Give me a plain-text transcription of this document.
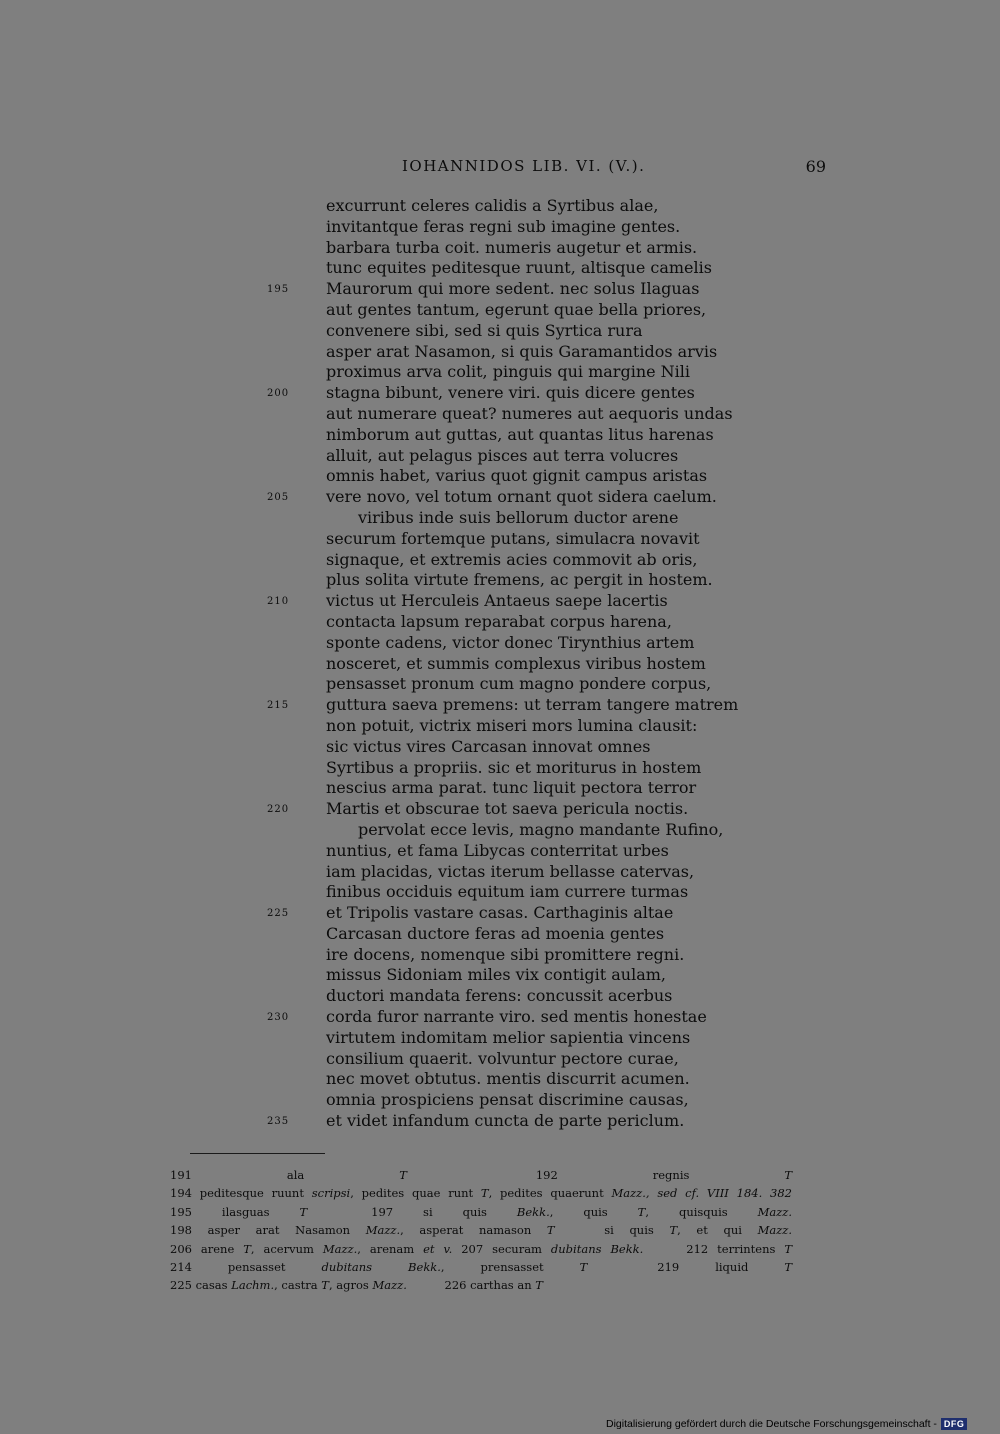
IOHANNIDOS LIB. VI. (V.).	69
excurrunt celeres calidis a Syrtibus alae,
invitantque feras regni sub imagine gentes.
barbara turba coit. numeris augetur et armis.
tunc equites peditesque ruunt, altisque camelis
195 Maurorum qui more sedent. nec solus Ilaguas
aut gentes tantum, egerunt quae bella priores,
convenere sibi, sed si quis Syrtica rura
asper arat Nasamon, si quis Garamantidos arvis
proximus arva colit, pinguis qui margine Nili
200 stagna bibunt, venere viri. quis dicere gentes
aut numerare queat? numeres aut aequoris undas
nimborum aut guttas, aut quantas litus harenas
alluit, aut pelagus pisces aut terra volucres
omnis habet, varius quot gignit campus aristas
205 vere novo, vel totum ornant quot sidera caelum.
viribus inde suis bellorum ductor arene
securum fortemque putans, simulacra novavit
signaque, et extremis acies commovit ab oris,
plus solita virtute fremens, ac pergit in hostem.
210 victus ut Herculeis Antaeus saepe lacertis
contacta lapsum reparabat corpus harena,
sponte cadens, victor donec Tirynthius artem
nosceret, et summis complexus viribus hostem
pensasset pronum cum magno pondere corpus,
215 guttura saeva premens: ut terram tangere matrem
non potuit, victrix miseri mors lumina clausit:
sic victus vires Carcasan innovat omnes
Syrtibus a propriis. sic et moriturus in hostem
nescius arma parat. tunc liquit pectora terror
220 Martis et obscurae tot saeva pericula noctis.
pervolat ecce levis, magno mandante Rufino,
nuntius, et fama Libycas conterritat urbes
iam placidas, victas iterum bellasse catervas,
finibus occiduis equitum iam currere turmas
225 et Tripolis vastare casas. Carthaginis altae
Carcasan ductore feras ad moenia gentes
ire docens, nomenque sibi promittere regni.
missus Sidoniam miles vix contigit aulam,
ductori mandata ferens: concussit acerbus
230 corda furor narrante viro. sed mentis honestae
virtutem indomitam melior sapientia vincens
consilium quaerit. volvuntur pectore curae,
nec movet obtutus. mentis discurrit acumen.
omnia prospiciens pensat discrimine causas,
235 et videt infandum cuncta de parte periclum.
191 ala T	192 regnis T 194 peditesque ruunt scripsi, pedites quae runt T, pedites quaerunt Mazz., sed cf. VIII 184. 382 195 ilasguas T	197 si quis Bekk., quis T, quisquis Mazz. 198 asper arat Nasamon Mazz., asperat namason T	si quis T, et qui Mazz. 206 arene T, acervum Mazz., arenam et v. 207 securam dubitans Bekk.	212 terrintens T 214 pensasset dubitans Bekk., prensasset T	219 liquid T 225 casas Lachm., castra T, agros Mazz.	226 carthas an T
Digitalisierung gefördert durch die Deutsche Forschungsgemeinschaft - DFG
